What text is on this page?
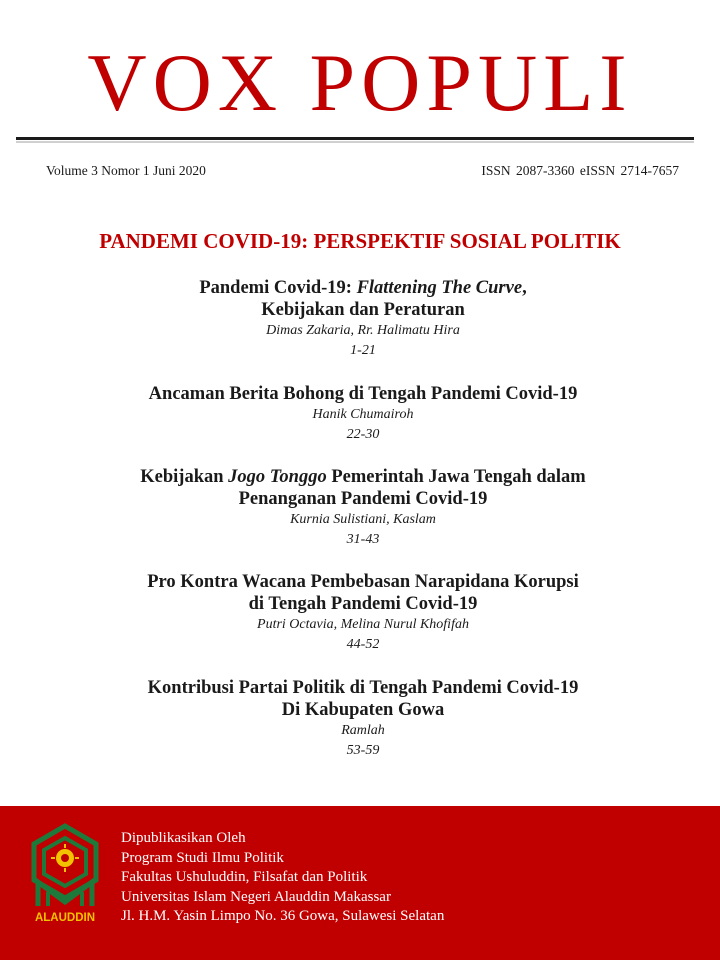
VOX POPULI
Volume 3 Nomor 1 Juni 2020	ISSN 2087-3360 eISSN 2714-7657
PANDEMI COVID-19: PERSPEKTIF SOSIAL POLITIK
Pandemi Covid-19: Flattening The Curve,
Kebijakan dan Peraturan
Dimas Zakaria, Rr. Halimatu Hira
1-21
Ancaman Berita Bohong di Tengah Pandemi Covid-19
Hanik Chumairoh
22-30
Kebijakan Jogo Tonggo Pemerintah Jawa Tengah dalam
Penanganan Pandemi Covid-19
Kurnia Sulistiani, Kaslam
31-43
Pro Kontra Wacana Pembebasan Narapidana Korupsi
di Tengah Pandemi Covid-19
Putri Octavia, Melina Nurul Khofifah
44-52
Kontribusi Partai Politik di Tengah Pandemi Covid-19
Di Kabupaten Gowa
Ramlah
53-59
ALAUDDIN
Dipublikasikan Oleh
Program Studi Ilmu Politik
Fakultas Ushuluddin, Filsafat dan Politik
Universitas Islam Negeri Alauddin Makassar
Jl. H.M. Yasin Limpo No. 36 Gowa, Sulawesi Selatan
